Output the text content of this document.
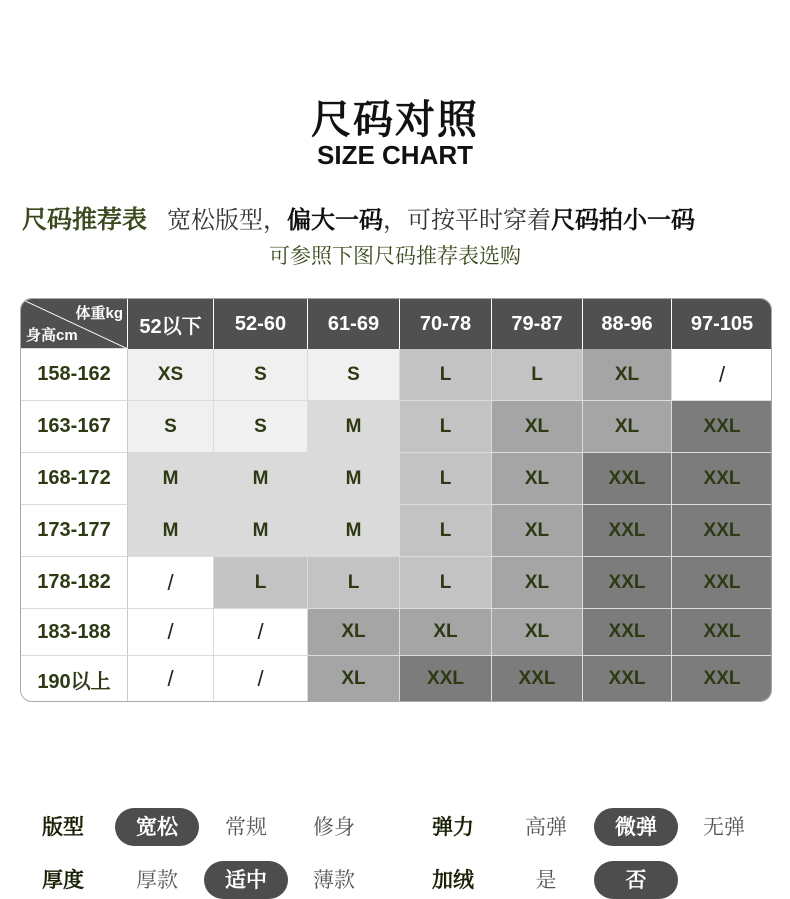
尺码对照
SIZE CHART
尺码推荐表 宽松版型，偏大一码，可按平时穿着尺码拍小一码
可参照下图尺码推荐表选购
体重kg
身高cm	52以下	52-60	61-69	70-78	79-87	88-96	97-105
158-162	XS	S	S	L	L	XL	/
163-167	S	S	M	L	XL	XL	XXL
168-172	M	M	M	L	XL	XXL	XXL
173-177	M	M	M	L	XL	XXL	XXL
178-182	/	L	L	L	XL	XXL	XXL
183-188	/	/	XL	XL	XL	XXL	XXL
190以上	/	/	XL	XXL	XXL	XXL	XXL
版型	宽松	常规	修身	弹力	高弹	微弹	无弹
厚度	厚款	适中	薄款	加绒	是	否
